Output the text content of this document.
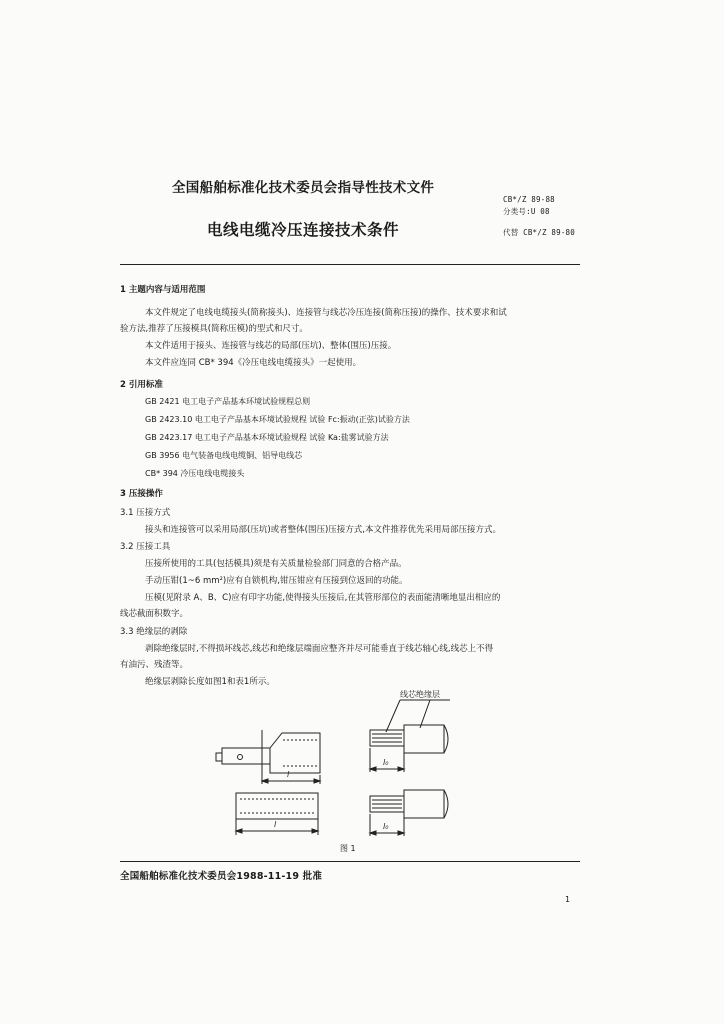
全国船舶标准化技术委员会指导性技术文件
电线电缆冷压连接技术条件
CB*/Z 89-88
分类号:U 08
代替 CB*/Z 89-80
1 主题内容与适用范围
本文件规定了电线电缆接头(简称接头)、连接管与线芯冷压连接(简称压接)的操作、技术要求和试
验方法,推荐了压接模具(简称压模)的型式和尺寸。
本文件适用于接头、连接管与线芯的局部(压坑)、整体(围压)压接。
本文件应连同 CB* 394《冷压电线电缆接头》一起使用。
2 引用标准
GB 2421 电工电子产品基本环境试验规程总则
GB 2423.10 电工电子产品基本环境试验规程 试验 Fc:振动(正弦)试验方法
GB 2423.17 电工电子产品基本环境试验规程 试验 Ka:盐雾试验方法
GB 3956 电气装备电线电缆铜、铝导电线芯
CB* 394 冷压电线电缆接头
3 压接操作
3.1 压接方式
接头和连接管可以采用局部(压坑)或者整体(围压)压接方式,本文件推荐优先采用局部压接方式。
3.2 压接工具
压接所使用的工具(包括模具)须是有关质量检验部门同意的合格产品。
手动压钳(1~6 mm²)应有自锁机构,钳压钳应有压接到位返回的功能。
压模(见附录 A、B、C)应有印字功能,使得接头压接后,在其管形部位的表面能清晰地显出相应的
线芯截面积数字。
3.3 绝缘层的剥除
剥除绝缘层时,不得损坏线芯,线芯和绝缘层端面应整齐并尽可能垂直于线芯轴心线,线芯上不得
有油污、残渣等。
绝缘层剥除长度如图1和表1所示。
线芯绝缘层
l
l
l₀
l₀
图 1
全国船舶标准化技术委员会1988-11-19 批准
1
